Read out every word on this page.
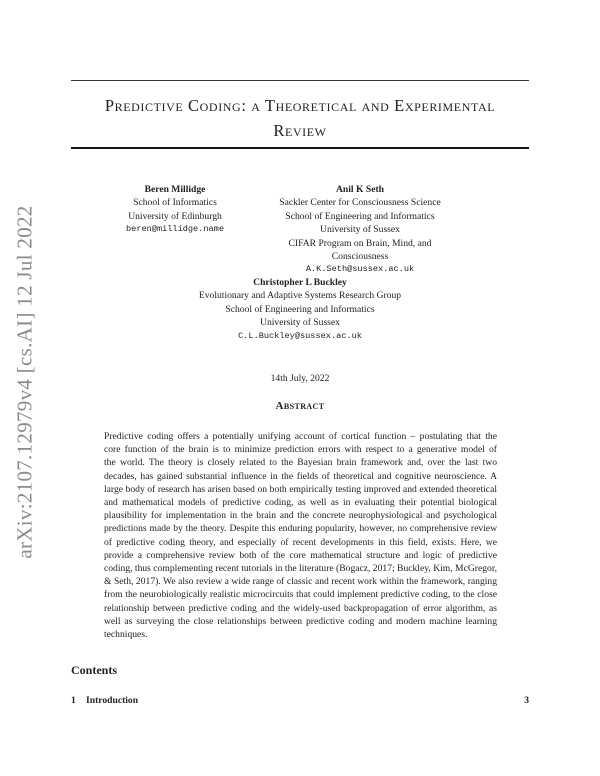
arXiv:2107.12979v4 [cs.AI] 12 Jul 2022
Predictive Coding: a Theoretical and Experimental
Review
Beren Millidge
School of Informatics
University of Edinburgh
beren@millidge.name
Anil K Seth
Sackler Center for Consciousness Science
School of Engineering and Informatics
University of Sussex
CIFAR Program on Brain, Mind, and Consciousness
A.K.Seth@sussex.ac.uk
Christopher L Buckley
Evolutionary and Adaptive Systems Research Group
School of Engineering and Informatics
University of Sussex
C.L.Buckley@sussex.ac.uk
14th July, 2022
Abstract
Predictive coding offers a potentially unifying account of cortical function – postulating that the
core function of the brain is to minimize prediction errors with respect to a generative model of
the world. The theory is closely related to the Bayesian brain framework and, over the last two
decades, has gained substantial influence in the fields of theoretical and cognitive neuroscience. A
large body of research has arisen based on both empirically testing improved and extended theoretical
and mathematical models of predictive coding, as well as in evaluating their potential biological
plausibility for implementation in the brain and the concrete neurophysiological and psychological
predictions made by the theory. Despite this enduring popularity, however, no comprehensive review
of predictive coding theory, and especially of recent developments in this field, exists. Here, we
provide a comprehensive review both of the core mathematical structure and logic of predictive
coding, thus complementing recent tutorials in the literature (Bogacz, 2017; Buckley, Kim, McGregor,
& Seth, 2017). We also review a wide range of classic and recent work within the framework, ranging
from the neurobiologically realistic microcircuits that could implement predictive coding, to the close
relationship between predictive coding and the widely-used backpropagation of error algorithm, as
well as surveying the close relationships between predictive coding and modern machine learning
techniques.
Contents
1 Introduction	3
